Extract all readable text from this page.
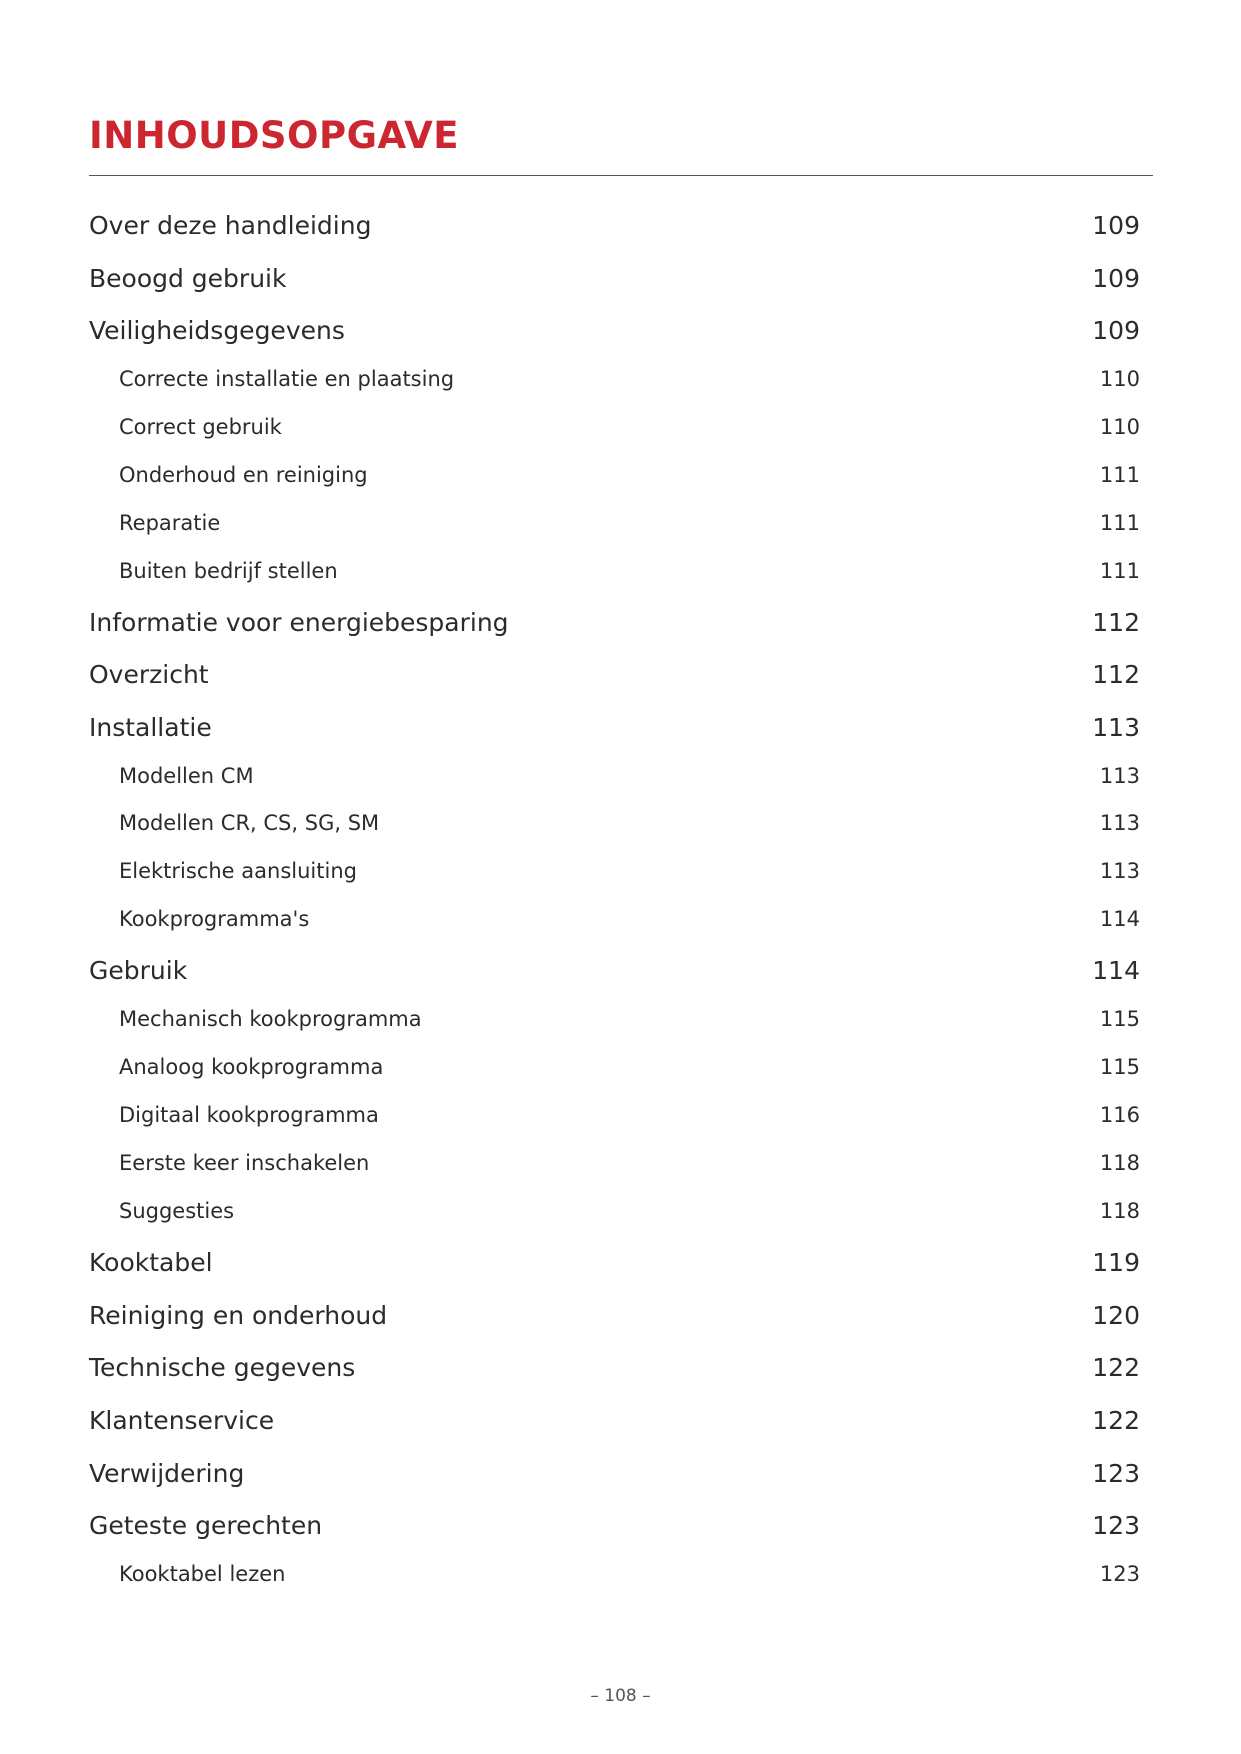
INHOUDSOPGAVE
Over deze handleiding	109
Beoogd gebruik	109
Veiligheidsgegevens	109
Correcte installatie en plaatsing	110
Correct gebruik	110
Onderhoud en reiniging	111
Reparatie	111
Buiten bedrijf stellen	111
Informatie voor energiebesparing	112
Overzicht	112
Installatie	113
Modellen CM	113
Modellen CR, CS, SG, SM	113
Elektrische aansluiting	113
Kookprogramma's	114
Gebruik	114
Mechanisch kookprogramma	115
Analoog kookprogramma	115
Digitaal kookprogramma	116
Eerste keer inschakelen	118
Suggesties	118
Kooktabel	119
Reiniging en onderhoud	120
Technische gegevens	122
Klantenservice	122
Verwijdering	123
Geteste gerechten	123
Kooktabel lezen	123
– 108 –
